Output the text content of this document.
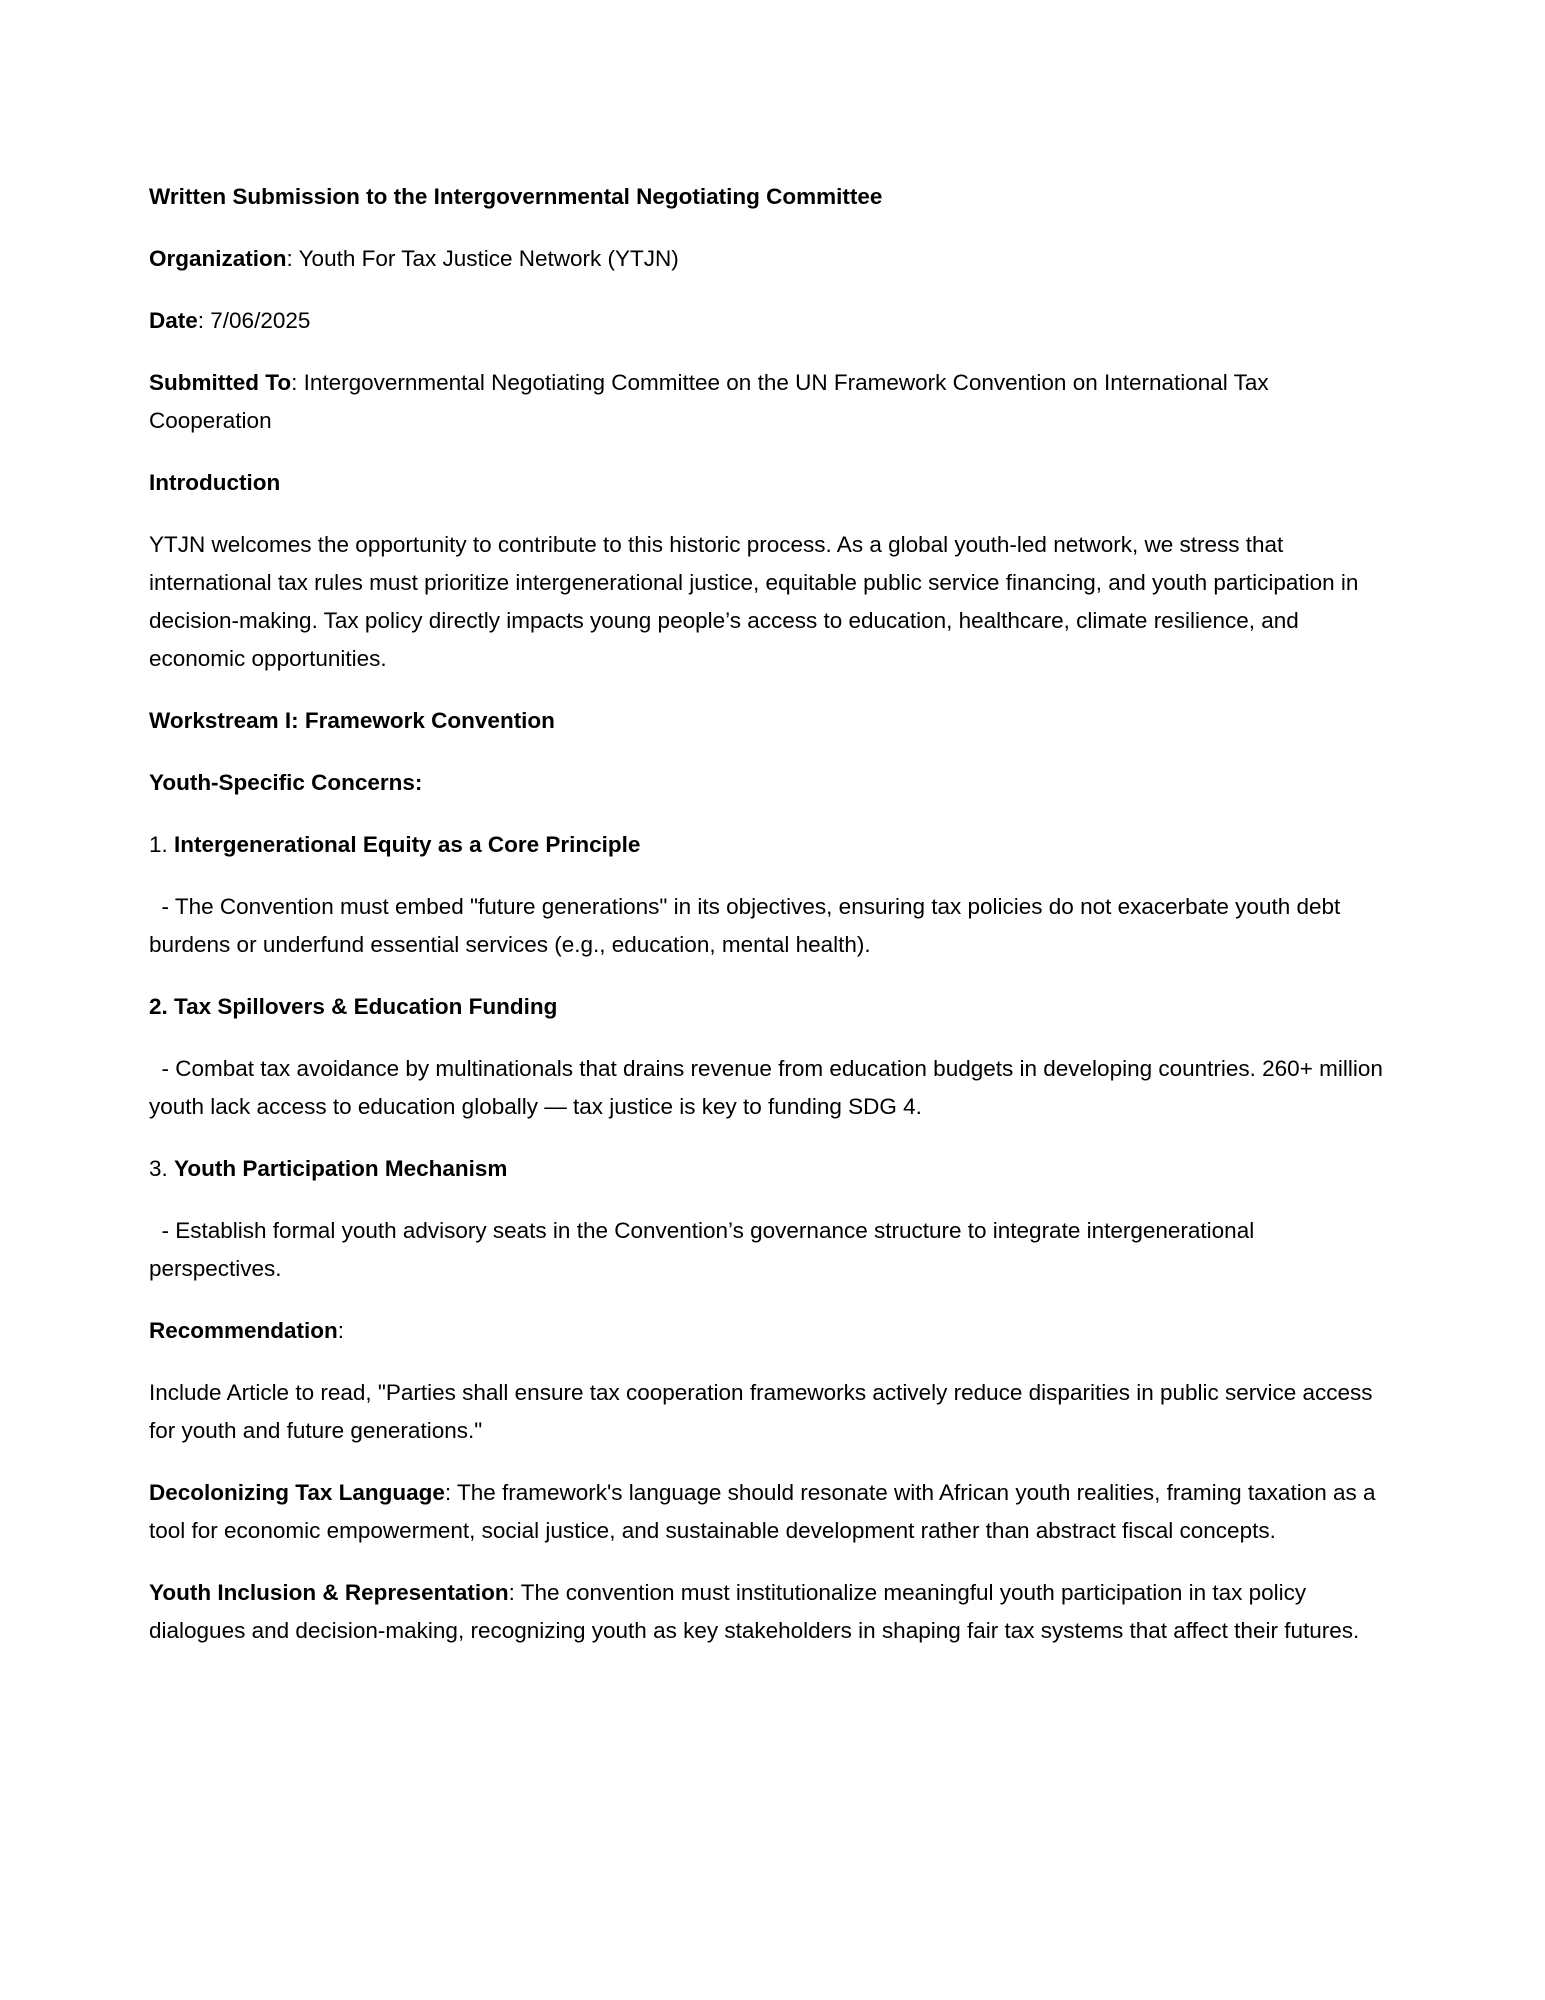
Written Submission to the Intergovernmental Negotiating Committee

Organization: Youth For Tax Justice Network (YTJN)

Date: 7/06/2025

Submitted To: Intergovernmental Negotiating Committee on the UN Framework Convention on International Tax Cooperation

Introduction

YTJN welcomes the opportunity to contribute to this historic process. As a global youth-led network, we stress that international tax rules must prioritize intergenerational justice, equitable public service financing, and youth participation in decision-making. Tax policy directly impacts young people’s access to education, healthcare, climate resilience, and economic opportunities.

Workstream I: Framework Convention

Youth-Specific Concerns:

1. Intergenerational Equity as a Core Principle

- The Convention must embed "future generations" in its objectives, ensuring tax policies do not exacerbate youth debt burdens or underfund essential services (e.g., education, mental health).

2. Tax Spillovers & Education Funding

- Combat tax avoidance by multinationals that drains revenue from education budgets in developing countries. 260+ million youth lack access to education globally — tax justice is key to funding SDG 4.

3. Youth Participation Mechanism

- Establish formal youth advisory seats in the Convention’s governance structure to integrate intergenerational perspectives.

Recommendation:

Include Article to read, "Parties shall ensure tax cooperation frameworks actively reduce disparities in public service access for youth and future generations."

Decolonizing Tax Language: The framework's language should resonate with African youth realities, framing taxation as a tool for economic empowerment, social justice, and sustainable development rather than abstract fiscal concepts.

Youth Inclusion & Representation: The convention must institutionalize meaningful youth participation in tax policy dialogues and decision-making, recognizing youth as key stakeholders in shaping fair tax systems that affect their futures.
